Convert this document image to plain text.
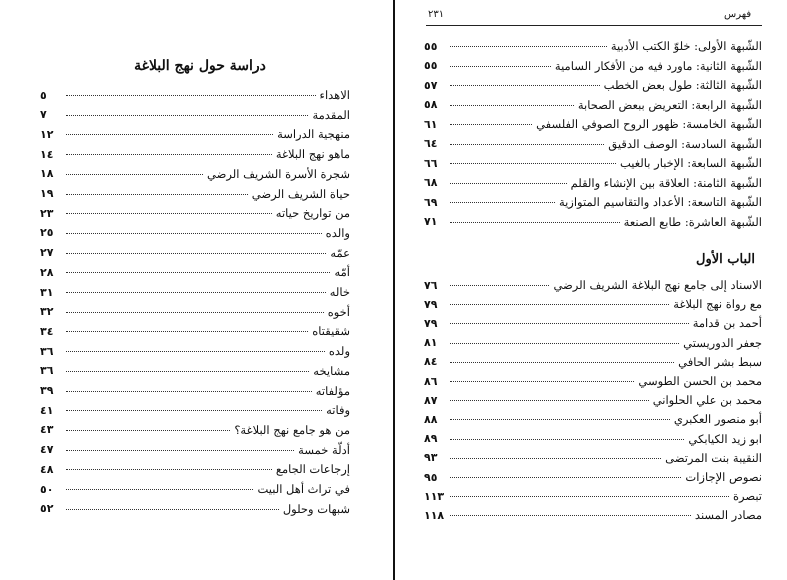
دراسة حول نهج البلاغة
الاهداء
٥
المقدمة
٧
منهجية الدراسة
١٢
ماهو نهج البلاغة
١٤
شجرة الأسرة الشريف الرضي
١٨
حياة الشريف الرضي
١٩
من تواريخ حياته
٢٣
والده
٢٥
عمّه
٢٧
أمّه
٢٨
خاله
٣١
أخوه
٣٢
شقيقتاه
٣٤
ولده
٣٦
مشايخه
٣٦
مؤلفاته
٣٩
وفاته
٤١
من هو جامع نهج البلاغة؟
٤٣
أدلّة خمسة
٤٧
إرجاعات الجامع
٤٨
في تراث أهل البيت
٥٠
شبهات وحلول
٥٢
فهرس
٢٣١
الشّبهة الأولى: خلوّ الكتب الأدبية
٥٥
الشّبهة الثانية: ماورد فيه من الأفكار السامية
٥٥
الشّبهة الثالثة: طول بعض الخطب
٥٧
الشّبهة الرابعة: التعريض ببعض الصحابة
٥٨
الشّبهة الخامسة: ظهور الروح الصوفي الفلسفي
٦١
الشّبهة السادسة: الوصف الدقيق
٦٤
الشّبهة السابعة: الإخبار بالغيب
٦٦
الشّبهة الثامنة: العلاقة بين الإنشاء والقلم
٦٨
الشّبهة التاسعة: الأعداد والتقاسيم المتوازية
٦٩
الشّبهة العاشرة: طابع الصنعة
٧١
الباب الأول
الاسناد إلى جامع نهج البلاغة الشريف الرضي
٧٦
مع رواة نهج البلاغة
٧٩
أحمد بن قدامة
٧٩
جعفر الدوريستي
٨١
سبط بشر الحافي
٨٤
محمد بن الحسن الطوسي
٨٦
محمد بن علي الحلواني
٨٧
أبو منصور العكبري
٨٨
ابو زيد الكيابكي
٨٩
النقيبة بنت المرتضى
٩٣
نصوص الإجازات
٩٥
تبصرة
١١٣
مصادر المسند
١١٨
